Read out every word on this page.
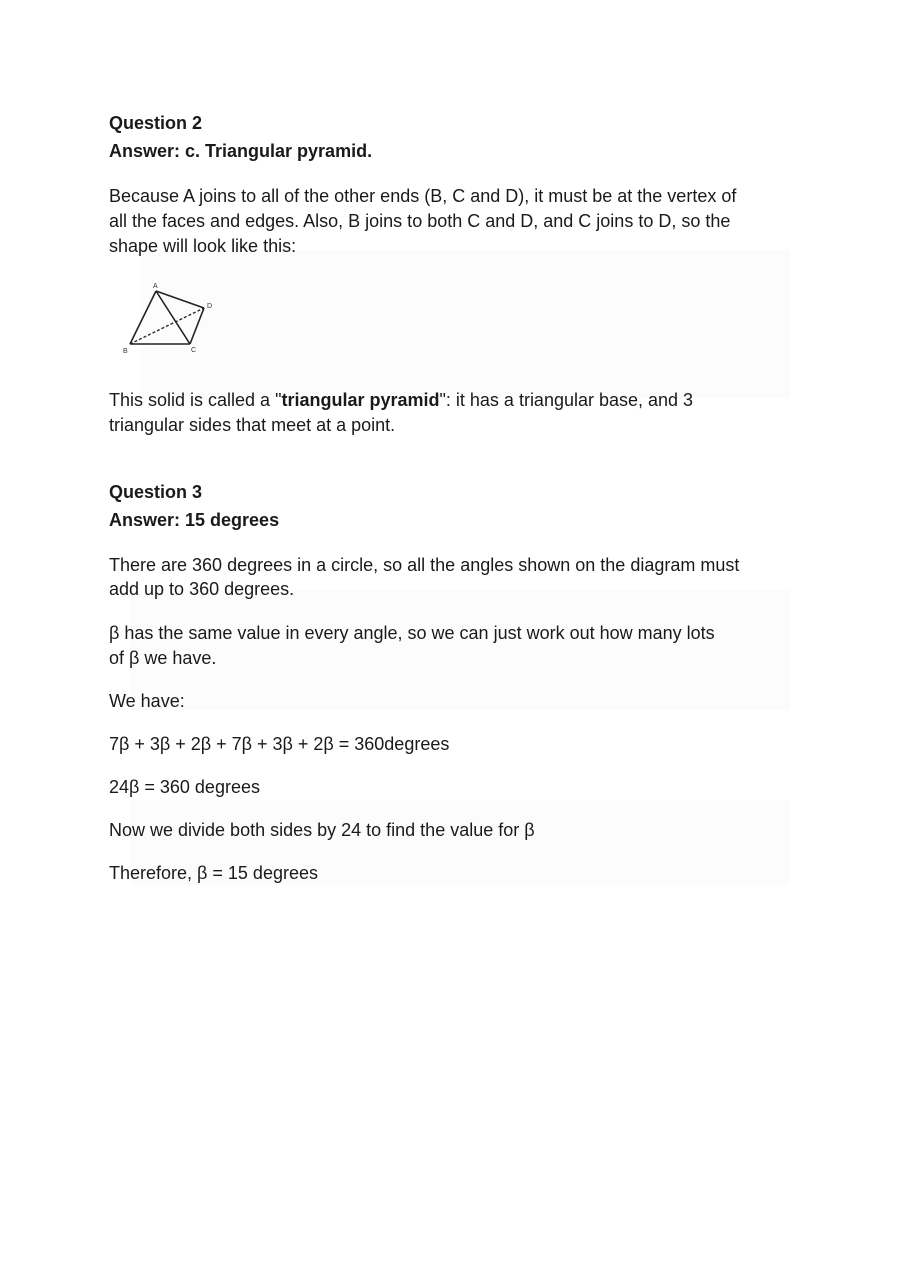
Question 2
Answer: c. Triangular pyramid.
Because A joins to all of the other ends (B, C and D), it must be at the vertex of
all the faces and edges. Also, B joins to both C and D, and C joins to D, so the
shape will look like this:
A
B	C
D
This solid is called a "triangular pyramid": it has a triangular base, and 3
triangular sides that meet at a point.
Question 3
Answer: 15 degrees
There are 360 degrees in a circle, so all the angles shown on the diagram must
add up to 360 degrees.
β has the same value in every angle, so we can just work out how many lots
of β we have.
We have:
7β + 3β + 2β + 7β + 3β + 2β = 360degrees
24β = 360 degrees
Now we divide both sides by 24 to find the value for β
Therefore, β = 15 degrees
